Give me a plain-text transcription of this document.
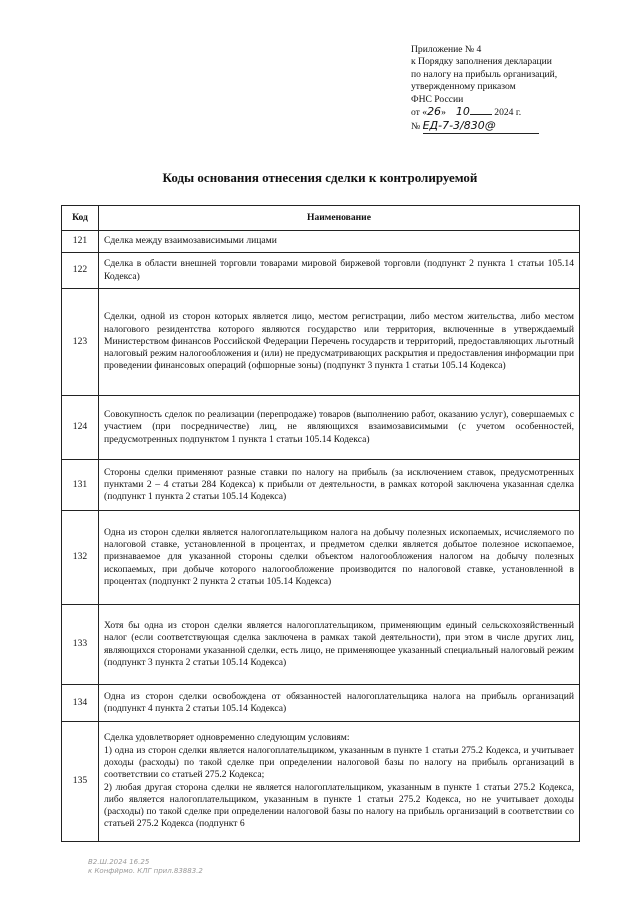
Приложение № 4
к Порядку заполнения декларации
по налогу на прибыль организаций,
утвержденному приказом
ФНС России
от «26» 10	2024 г.
№ ЕД-7-3/830@
Коды основания отнесения сделки к контролируемой
Код	Наименование
121	Сделка между взаимозависимыми лицами
122	Сделка в области внешней торговли товарами мировой биржевой торговли (подпункт 2 пункта 1 статьи 105.14 Кодекса)
123	Сделки, одной из сторон которых является лицо, местом регистрации, либо местом жительства, либо местом налогового резидентства которого являются государство или территория, включенные в утверждаемый Министерством финансов Российской Федерации Перечень государств и территорий, предоставляющих льготный налоговый режим налогообложения и (или) не предусматривающих раскрытия и предоставления информации при проведении финансовых операций (офшорные зоны) (подпункт 3 пункта 1 статьи 105.14 Кодекса)
124	Совокупность сделок по реализации (перепродаже) товаров (выполнению работ, оказанию услуг), совершаемых с участием (при посредничестве) лиц, не являющихся взаимозависимыми (с учетом особенностей, предусмотренных подпунктом 1 пункта 1 статьи 105.14 Кодекса)
131	Стороны сделки применяют разные ставки по налогу на прибыль (за исключением ставок, предусмотренных пунктами 2 – 4 статьи 284 Кодекса) к прибыли от деятельности, в рамках которой заключена указанная сделка (подпункт 1 пункта 2 статьи 105.14 Кодекса)
132	Одна из сторон сделки является налогоплательщиком налога на добычу полезных ископаемых, исчисляемого по налоговой ставке, установленной в процентах, и предметом сделки является добытое полезное ископаемое, признаваемое для указанной стороны сделки объектом налогообложения налогом на добычу полезных ископаемых, при добыче которого налогообложение производится по налоговой ставке, установленной в процентах (подпункт 2 пункта 2 статьи 105.14 Кодекса)
133	Хотя бы одна из сторон сделки является налогоплательщиком, применяющим единый сельскохозяйственный налог (если соответствующая сделка заключена в рамках такой деятельности), при этом в числе других лиц, являющихся сторонами указанной сделки, есть лицо, не применяющее указанный специальный налоговый режим (подпункт 3 пункта 2 статьи 105.14 Кодекса)
134	Одна из сторон сделки освобождена от обязанностей налогоплательщика налога на прибыль организаций (подпункт 4 пункта 2 статьи 105.14 Кодекса)
135	Сделка удовлетворяет одновременно следующим условиям:
1) одна из сторон сделки является налогоплательщиком, указанным в пункте 1 статьи 275.2 Кодекса, и учитывает доходы (расходы) по такой сделке при определении налоговой базы по налогу на прибыль организаций в соответствии со статьей 275.2 Кодекса;
2) любая другая сторона сделки не является налогоплательщиком, указанным в пункте 1 статьи 275.2 Кодекса, либо является налогоплательщиком, указанным в пункте 1 статьи 275.2 Кодекса, но не учитывает доходы (расходы) по такой сделке при определении налоговой базы по налогу на прибыль организаций в соответствии со статьей 275.2 Кодекса (подпункт 6
В2.Ш.2024 16.25
к Конфйрмо. КЛГ прил.83883.2
